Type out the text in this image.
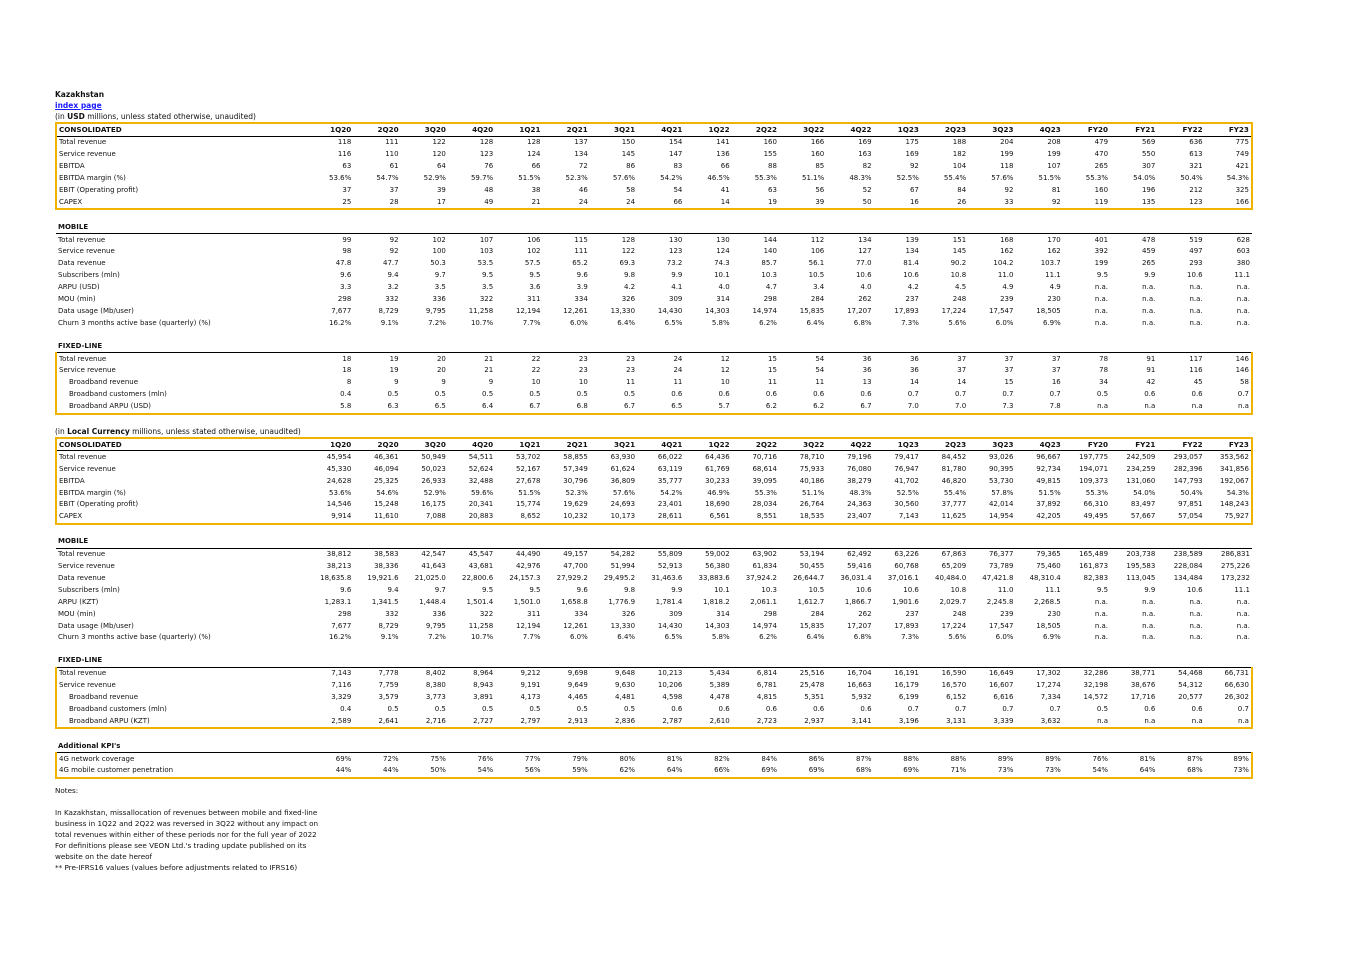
Kazakhstan
index page
(in USD millions, unless stated otherwise, unaudited)
CONSOLIDATED	1Q20	2Q20	3Q20	4Q20	1Q21	2Q21	3Q21	4Q21	1Q22	2Q22	3Q22	4Q22	1Q23	2Q23	3Q23	4Q23	FY20	FY21	FY22	FY23
Total revenue	118	111	122	128	128	137	150	154	141	160	166	169	175	188	204	208	479	569	636	775
Service revenue	116	110	120	123	124	134	145	147	136	155	160	163	169	182	199	199	470	550	613	749
EBITDA	63	61	64	76	66	72	86	83	66	88	85	82	92	104	118	107	265	307	321	421
EBITDA margin (%)	53.6%	54.7%	52.9%	59.7%	51.5%	52.3%	57.6%	54.2%	46.5%	55.3%	51.1%	48.3%	52.5%	55.4%	57.6%	51.5%	55.3%	54.0%	50.4%	54.3%
EBIT (Operating profit)	37	37	39	48	38	46	58	54	41	63	56	52	67	84	92	81	160	196	212	325
CAPEX	25	28	17	49	21	24	24	66	14	19	39	50	16	26	33	92	119	135	123	166

MOBILE																				
Total revenue	99	92	102	107	106	115	128	130	130	144	112	134	139	151	168	170	401	478	519	628
Service revenue	98	92	100	103	102	111	122	123	124	140	106	127	134	145	162	162	392	459	497	603
Data revenue	47.8	47.7	50.3	53.5	57.5	65.2	69.3	73.2	74.3	85.7	56.1	77.0	81.4	90.2	104.2	103.7	199	265	293	380
Subscribers (mln)	9.6	9.4	9.7	9.5	9.5	9.6	9.8	9.9	10.1	10.3	10.5	10.6	10.6	10.8	11.0	11.1	9.5	9.9	10.6	11.1
ARPU (USD)	3.3	3.2	3.5	3.5	3.6	3.9	4.2	4.1	4.0	4.7	3.4	4.0	4.2	4.5	4.9	4.9	n.a.	n.a.	n.a.	n.a.
MOU (min)	298	332	336	322	311	334	326	309	314	298	284	262	237	248	239	230	n.a.	n.a.	n.a.	n.a.
Data usage (Mb/user)	7,677	8,729	9,795	11,258	12,194	12,261	13,330	14,430	14,303	14,974	15,835	17,207	17,893	17,224	17,547	18,505	n.a.	n.a.	n.a.	n.a.
Churn 3 months active base (quarterly) (%)	16.2%	9.1%	7.2%	10.7%	7.7%	6.0%	6.4%	6.5%	5.8%	6.2%	6.4%	6.8%	7.3%	5.6%	6.0%	6.9%	n.a.	n.a.	n.a.	n.a.

FIXED-LINE																				
Total revenue	18	19	20	21	22	23	23	24	12	15	54	36	36	37	37	37	78	91	117	146
Service revenue	18	19	20	21	22	23	23	24	12	15	54	36	36	37	37	37	78	91	116	146
Broadband revenue	8	9	9	9	10	10	11	11	10	11	11	13	14	14	15	16	34	42	45	58
Broadband customers (mln)	0.4	0.5	0.5	0.5	0.5	0.5	0.5	0.6	0.6	0.6	0.6	0.6	0.7	0.7	0.7	0.7	0.5	0.6	0.6	0.7
Broadband ARPU (USD)	5.8	6.3	6.5	6.4	6.7	6.8	6.7	6.5	5.7	6.2	6.2	6.7	7.0	7.0	7.3	7.8	n.a	n.a	n.a	n.a
(in Local Currency millions, unless stated otherwise, unaudited)
CONSOLIDATED	1Q20	2Q20	3Q20	4Q20	1Q21	2Q21	3Q21	4Q21	1Q22	2Q22	3Q22	4Q22	1Q23	2Q23	3Q23	4Q23	FY20	FY21	FY22	FY23
Total revenue	45,954	46,361	50,949	54,511	53,702	58,855	63,930	66,022	64,436	70,716	78,710	79,196	79,417	84,452	93,026	96,667	197,775	242,509	293,057	353,562
Service revenue	45,330	46,094	50,023	52,624	52,167	57,349	61,624	63,119	61,769	68,614	75,933	76,080	76,947	81,780	90,395	92,734	194,071	234,259	282,396	341,856
EBITDA	24,628	25,325	26,933	32,488	27,678	30,796	36,809	35,777	30,233	39,095	40,186	38,279	41,702	46,820	53,730	49,815	109,373	131,060	147,793	192,067
EBITDA margin (%)	53.6%	54.6%	52.9%	59.6%	51.5%	52.3%	57.6%	54.2%	46.9%	55.3%	51.1%	48.3%	52.5%	55.4%	57.8%	51.5%	55.3%	54.0%	50.4%	54.3%
EBIT (Operating profit)	14,546	15,248	16,175	20,341	15,774	19,629	24,693	23,401	18,690	28,034	26,764	24,363	30,560	37,777	42,014	37,892	66,310	83,497	97,851	148,243
CAPEX	9,914	11,610	7,088	20,883	8,652	10,232	10,173	28,611	6,561	8,551	18,535	23,407	7,143	11,625	14,954	42,205	49,495	57,667	57,054	75,927

MOBILE																				
Total revenue	38,812	38,583	42,547	45,547	44,490	49,157	54,282	55,809	59,002	63,902	53,194	62,492	63,226	67,863	76,377	79,365	165,489	203,738	238,589	286,831
Service revenue	38,213	38,336	41,643	43,681	42,976	47,700	51,994	52,913	56,380	61,834	50,455	59,416	60,768	65,209	73,789	75,460	161,873	195,583	228,084	275,226
Data revenue	18,635.8	19,921.6	21,025.0	22,800.6	24,157.3	27,929.2	29,495.2	31,463.6	33,883.6	37,924.2	26,644.7	36,031.4	37,016.1	40,484.0	47,421.8	48,310.4	82,383	113,045	134,484	173,232
Subscribers (mln)	9.6	9.4	9.7	9.5	9.5	9.6	9.8	9.9	10.1	10.3	10.5	10.6	10.6	10.8	11.0	11.1	9.5	9.9	10.6	11.1
ARPU (KZT)	1,283.1	1,341.5	1,448.4	1,501.4	1,501.0	1,658.8	1,776.9	1,781.4	1,818.2	2,061.1	1,612.7	1,866.7	1,901.6	2,029.7	2,245.8	2,268.5	n.a.	n.a.	n.a.	n.a.
MOU (min)	298	332	336	322	311	334	326	309	314	298	284	262	237	248	239	230	n.a.	n.a.	n.a.	n.a.
Data usage (Mb/user)	7,677	8,729	9,795	11,258	12,194	12,261	13,330	14,430	14,303	14,974	15,835	17,207	17,893	17,224	17,547	18,505	n.a.	n.a.	n.a.	n.a.
Churn 3 months active base (quarterly) (%)	16.2%	9.1%	7.2%	10.7%	7.7%	6.0%	6.4%	6.5%	5.8%	6.2%	6.4%	6.8%	7.3%	5.6%	6.0%	6.9%	n.a.	n.a.	n.a.	n.a.

FIXED-LINE																				
Total revenue	7,143	7,778	8,402	8,964	9,212	9,698	9,648	10,213	5,434	6,814	25,516	16,704	16,191	16,590	16,649	17,302	32,286	38,771	54,468	66,731
Service revenue	7,116	7,759	8,380	8,943	9,191	9,649	9,630	10,206	5,389	6,781	25,478	16,663	16,179	16,570	16,607	17,274	32,198	38,676	54,312	66,630
Broadband revenue	3,329	3,579	3,773	3,891	4,173	4,465	4,481	4,598	4,478	4,815	5,351	5,932	6,199	6,152	6,616	7,334	14,572	17,716	20,577	26,302
Broadband customers (mln)	0.4	0.5	0.5	0.5	0.5	0.5	0.5	0.6	0.6	0.6	0.6	0.6	0.7	0.7	0.7	0.7	0.5	0.6	0.6	0.7
Broadband ARPU (KZT)	2,589	2,641	2,716	2,727	2,797	2,913	2,836	2,787	2,610	2,723	2,937	3,141	3,196	3,131	3,339	3,632	n.a	n.a	n.a	n.a

Additional KPI's																				
4G network coverage	69%	72%	75%	76%	77%	79%	80%	81%	82%	84%	86%	87%	88%	88%	89%	89%	76%	81%	87%	89%
4G mobile customer penetration	44%	44%	50%	54%	56%	59%	62%	64%	66%	69%	69%	68%	69%	71%	73%	73%	54%	64%	68%	73%
Notes:
In Kazakhstan, missallocation of revenues between mobile and fixed-line
business in 1Q22 and 2Q22 was reversed in 3Q22 without any impact on
total revenues within either of these periods nor for the full year of 2022
For definitions please see VEON Ltd.'s trading update published on its
website on the date hereof
** Pre-IFRS16 values (values before adjustments related to IFRS16)
